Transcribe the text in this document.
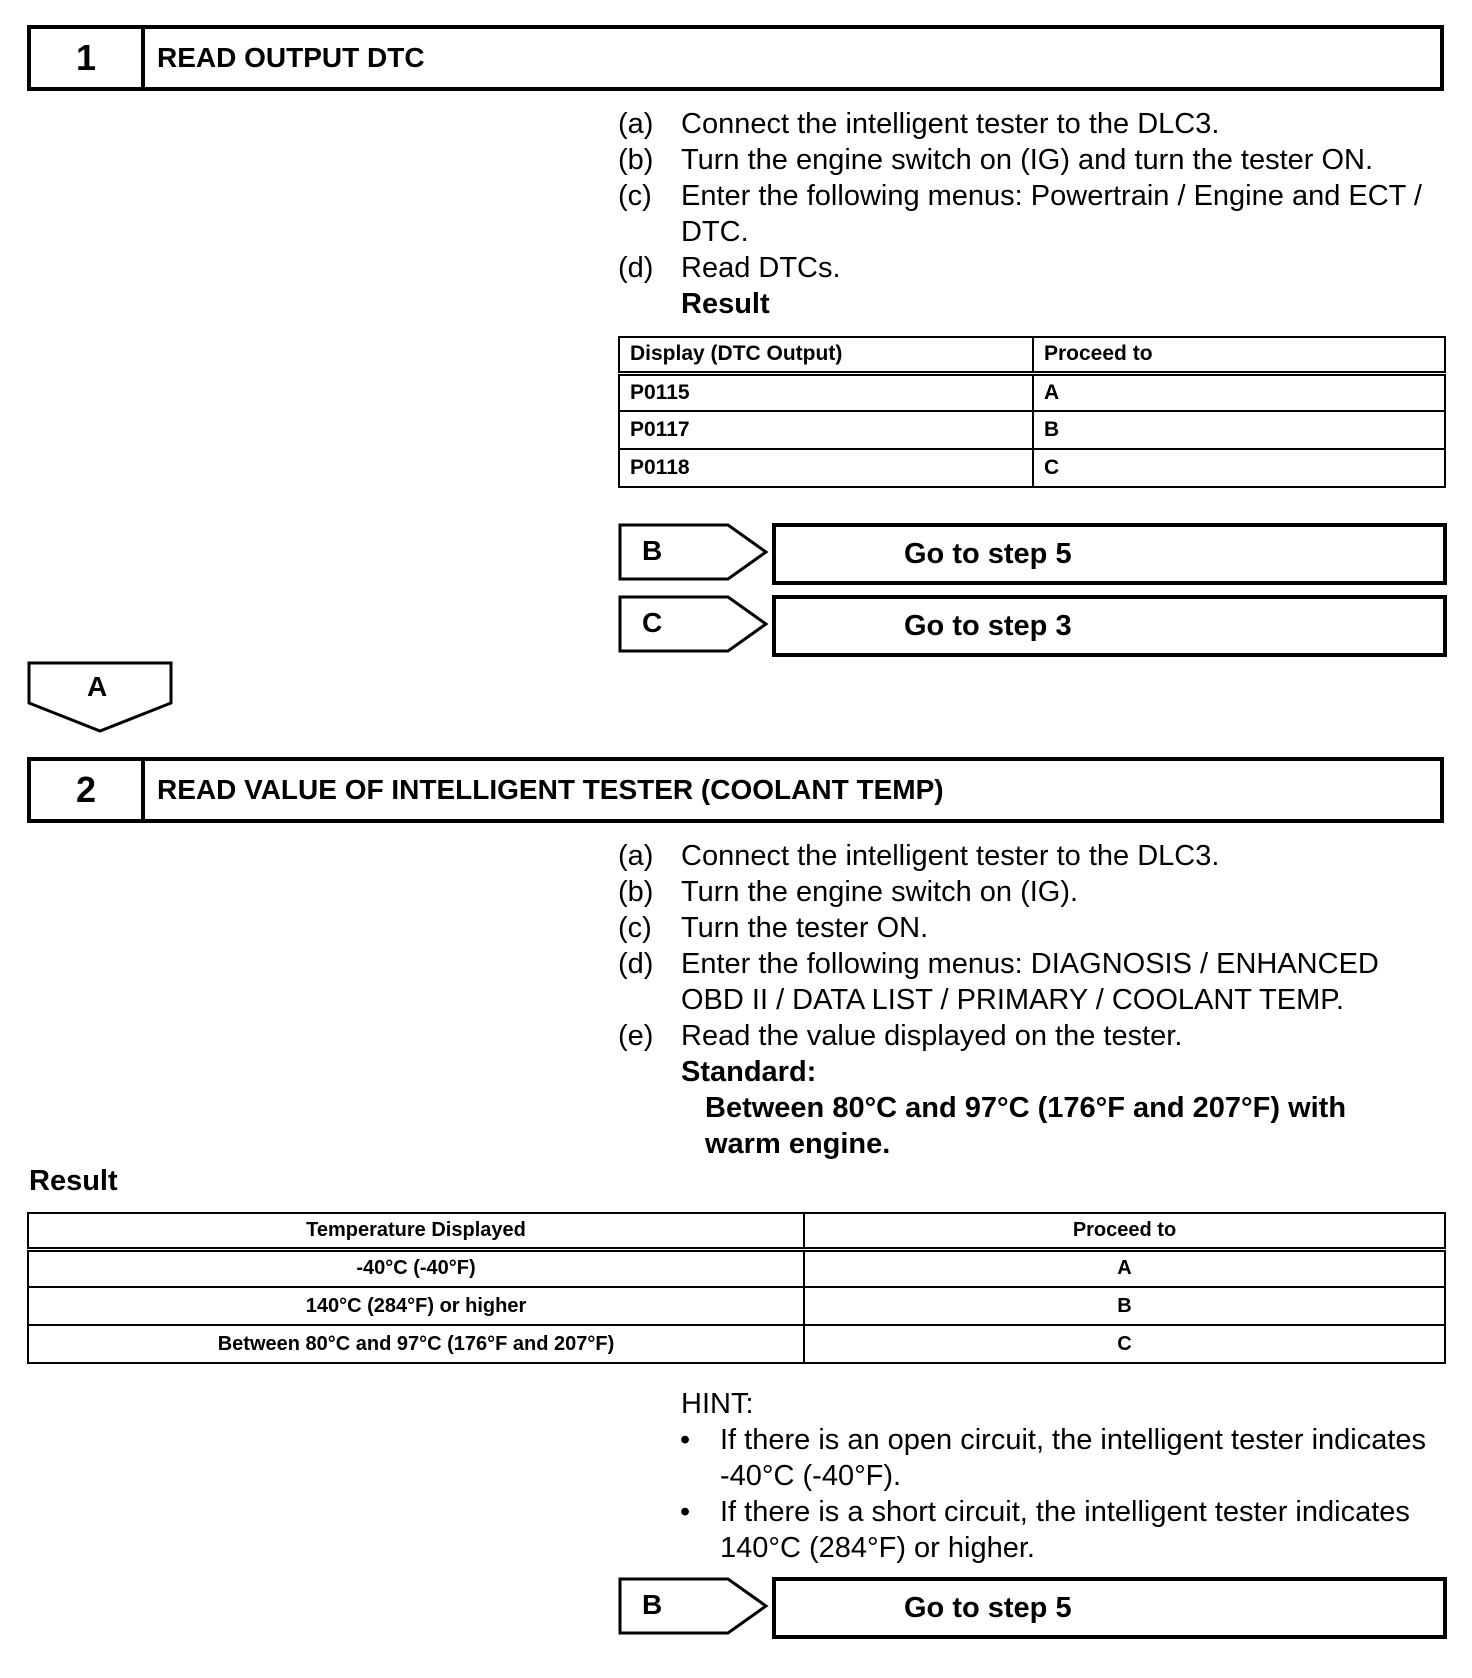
1	READ OUTPUT DTC
(a) Connect the intelligent tester to the DLC3.
(b) Turn the engine switch on (IG) and turn the tester ON.
(c)	Enter the following menus: Powertrain / Engine and ECT / DTC.
(d) Read DTCs.
Result
Display (DTC Output)	Proceed to
P0115	A
P0117	B
P0118	C
B	Go to step 5
C	Go to step 3
A
2	READ VALUE OF INTELLIGENT TESTER (COOLANT TEMP)
(a) Connect the intelligent tester to the DLC3.
(b) Turn the engine switch on (IG).
(c)	Turn the tester ON.
(d) Enter the following menus: DIAGNOSIS / ENHANCED OBD II / DATA LIST / PRIMARY / COOLANT TEMP.
(e) Read the value displayed on the tester.
Standard:
Between 80°C and 97°C (176°F and 207°F) with warm engine.
Result
Temperature Displayed	Proceed to
-40°C (-40°F)	A
140°C (284°F) or higher	B
Between 80°C and 97°C (176°F and 207°F)	C
HINT:
•	If there is an open circuit, the intelligent tester indicates -40°C (-40°F).
•	If there is a short circuit, the intelligent tester indicates 140°C (284°F) or higher.
B	Go to step 5
